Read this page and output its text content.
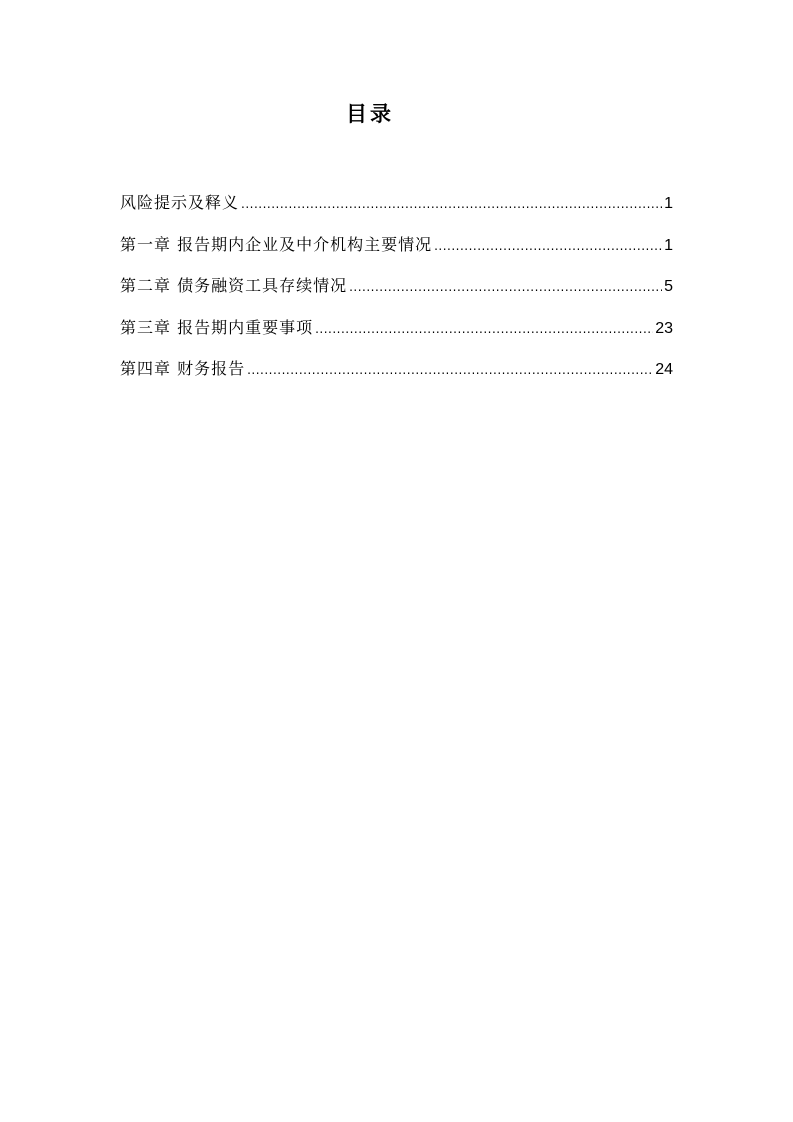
目录
风险提示及释义 .....	1
第一章 报告期内企业及中介机构主要情况 .....	1
第二章 债务融资工具存续情况 .....	5
第三章 报告期内重要事项 .....	23
第四章 财务报告 .....	24
